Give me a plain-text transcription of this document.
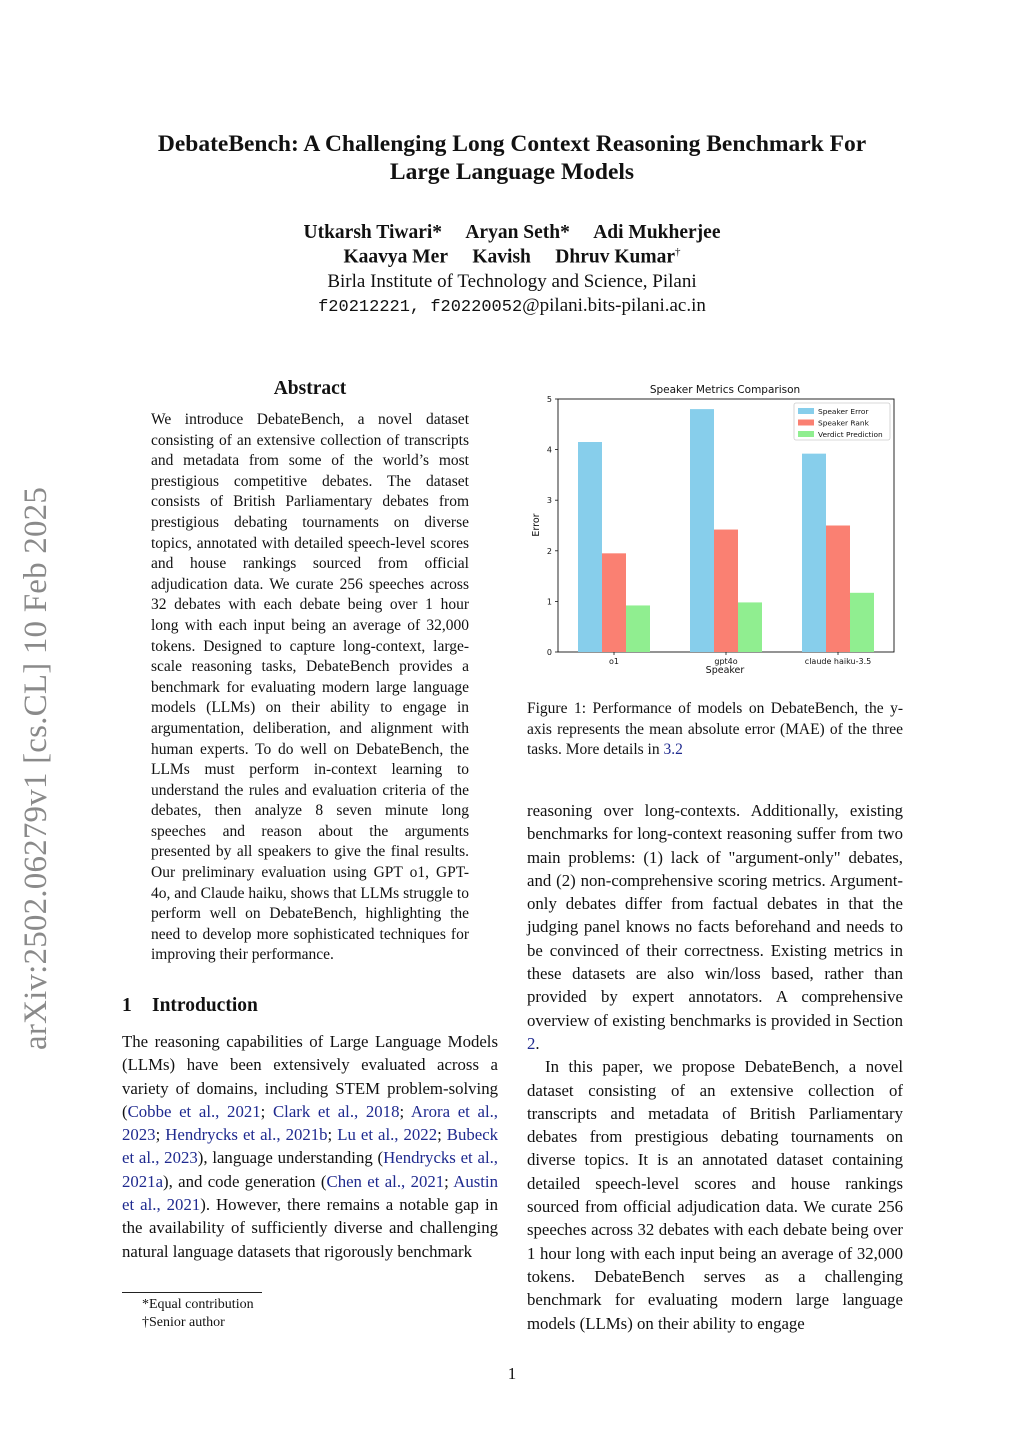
DebateBench: A Challenging Long Context Reasoning Benchmark For
Large Language Models
Utkarsh Tiwari* Aryan Seth* Adi Mukherjee
Kaavya Mer Kavish Dhruv Kumar†
Birla Institute of Technology and Science, Pilani
f20212221, f20220052@pilani.bits-pilani.ac.in
arXiv:2502.06279v1 [cs.CL] 10 Feb 2025
Abstract
We introduce DebateBench, a novel dataset consisting of an extensive collection of transcripts and metadata from some of the world’s most prestigious competitive debates. The dataset consists of British Parliamentary debates from prestigious debating tournaments on diverse topics, annotated with detailed speech-level scores and house rankings sourced from official adjudication data. We curate 256 speeches across 32 debates with each debate being over 1 hour long with each input being an average of 32,000 tokens. Designed to capture long-context, large-scale reasoning tasks, DebateBench provides a benchmark for evaluating modern large language models (LLMs) on their ability to engage in argumentation, deliberation, and alignment with human experts. To do well on DebateBench, the LLMs must perform in-context learning to understand the rules and evaluation criteria of the debates, then analyze 8 seven minute long speeches and reason about the arguments presented by all speakers to give the final results. Our preliminary evaluation using GPT o1, GPT-4o, and Claude haiku, shows that LLMs struggle to perform well on DebateBench, highlighting the need to develop more sophisticated techniques for improving their performance.
1 Introduction
The reasoning capabilities of Large Language Models (LLMs) have been extensively evaluated across a variety of domains, including STEM problem-solving (Cobbe et al., 2021; Clark et al., 2018; Arora et al., 2023; Hendrycks et al., 2021b; Lu et al., 2022; Bubeck et al., 2023), language understanding (Hendrycks et al., 2021a), and code generation (Chen et al., 2021; Austin et al., 2021). However, there remains a notable gap in the availability of sufficiently diverse and challenging natural language datasets that rigorously benchmark
*Equal contribution
†Senior author
Speaker Metrics Comparison
0
1
2
3
4
5
o1	gpt4o	claude haiku-3.5
Speaker Error
Speaker Rank
Verdict Prediction
Speaker
Error
Figure 1: Performance of models on DebateBench, the y-axis represents the mean absolute error (MAE) of the three tasks. More details in 3.2

reasoning over long-contexts. Additionally, existing benchmarks for long-context reasoning suffer from two main problems: (1) lack of "argument-only" debates, and (2) non-comprehensive scoring metrics. Argument-only debates differ from factual debates in that the judging panel knows no facts beforehand and needs to be convinced of their correctness. Existing metrics in these datasets are also win/loss based, rather than provided by expert annotators. A comprehensive overview of existing benchmarks is provided in Section 2.

In this paper, we propose DebateBench, a novel dataset consisting of an extensive collection of transcripts and metadata of British Parliamentary debates from prestigious debating tournaments on diverse topics. It is an annotated dataset containing detailed speech-level scores and house rankings sourced from official adjudication data. We curate 256 speeches across 32 debates with each debate being over 1 hour long with each input being an average of 32,000 tokens. DebateBench serves as a challenging benchmark for evaluating modern large language models (LLMs) on their ability to engage

1
